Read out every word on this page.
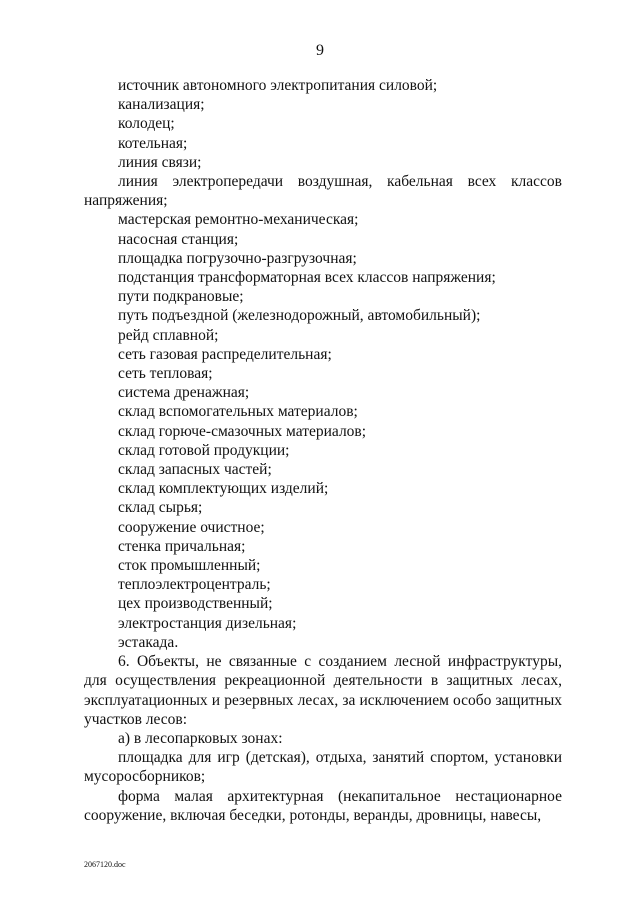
9
источник автономного электропитания силовой;
канализация;
колодец;
котельная;
линия связи;
линия электропередачи воздушная, кабельная всех классов напряжения;
мастерская ремонтно-механическая;
насосная станция;
площадка погрузочно-разгрузочная;
подстанция трансформаторная всех классов напряжения;
пути подкрановые;
путь подъездной (железнодорожный, автомобильный);
рейд сплавной;
сеть газовая распределительная;
сеть тепловая;
система дренажная;
склад вспомогательных материалов;
склад горюче-смазочных материалов;
склад готовой продукции;
склад запасных частей;
склад комплектующих изделий;
склад сырья;
сооружение очистное;
стенка причальная;
сток промышленный;
теплоэлектроцентраль;
цех производственный;
электростанция дизельная;
эстакада.
6. Объекты, не связанные с созданием лесной инфраструктуры, для осуществления рекреационной деятельности в защитных лесах, эксплуатационных и резервных лесах, за исключением особо защитных участков лесов:
а) в лесопарковых зонах:
площадка для игр (детская), отдыха, занятий спортом, установки мусоросборников;
форма малая архитектурная (некапитальное нестационарное сооружение, включая беседки, ротонды, веранды, дровницы, навесы,
2067120.doc
